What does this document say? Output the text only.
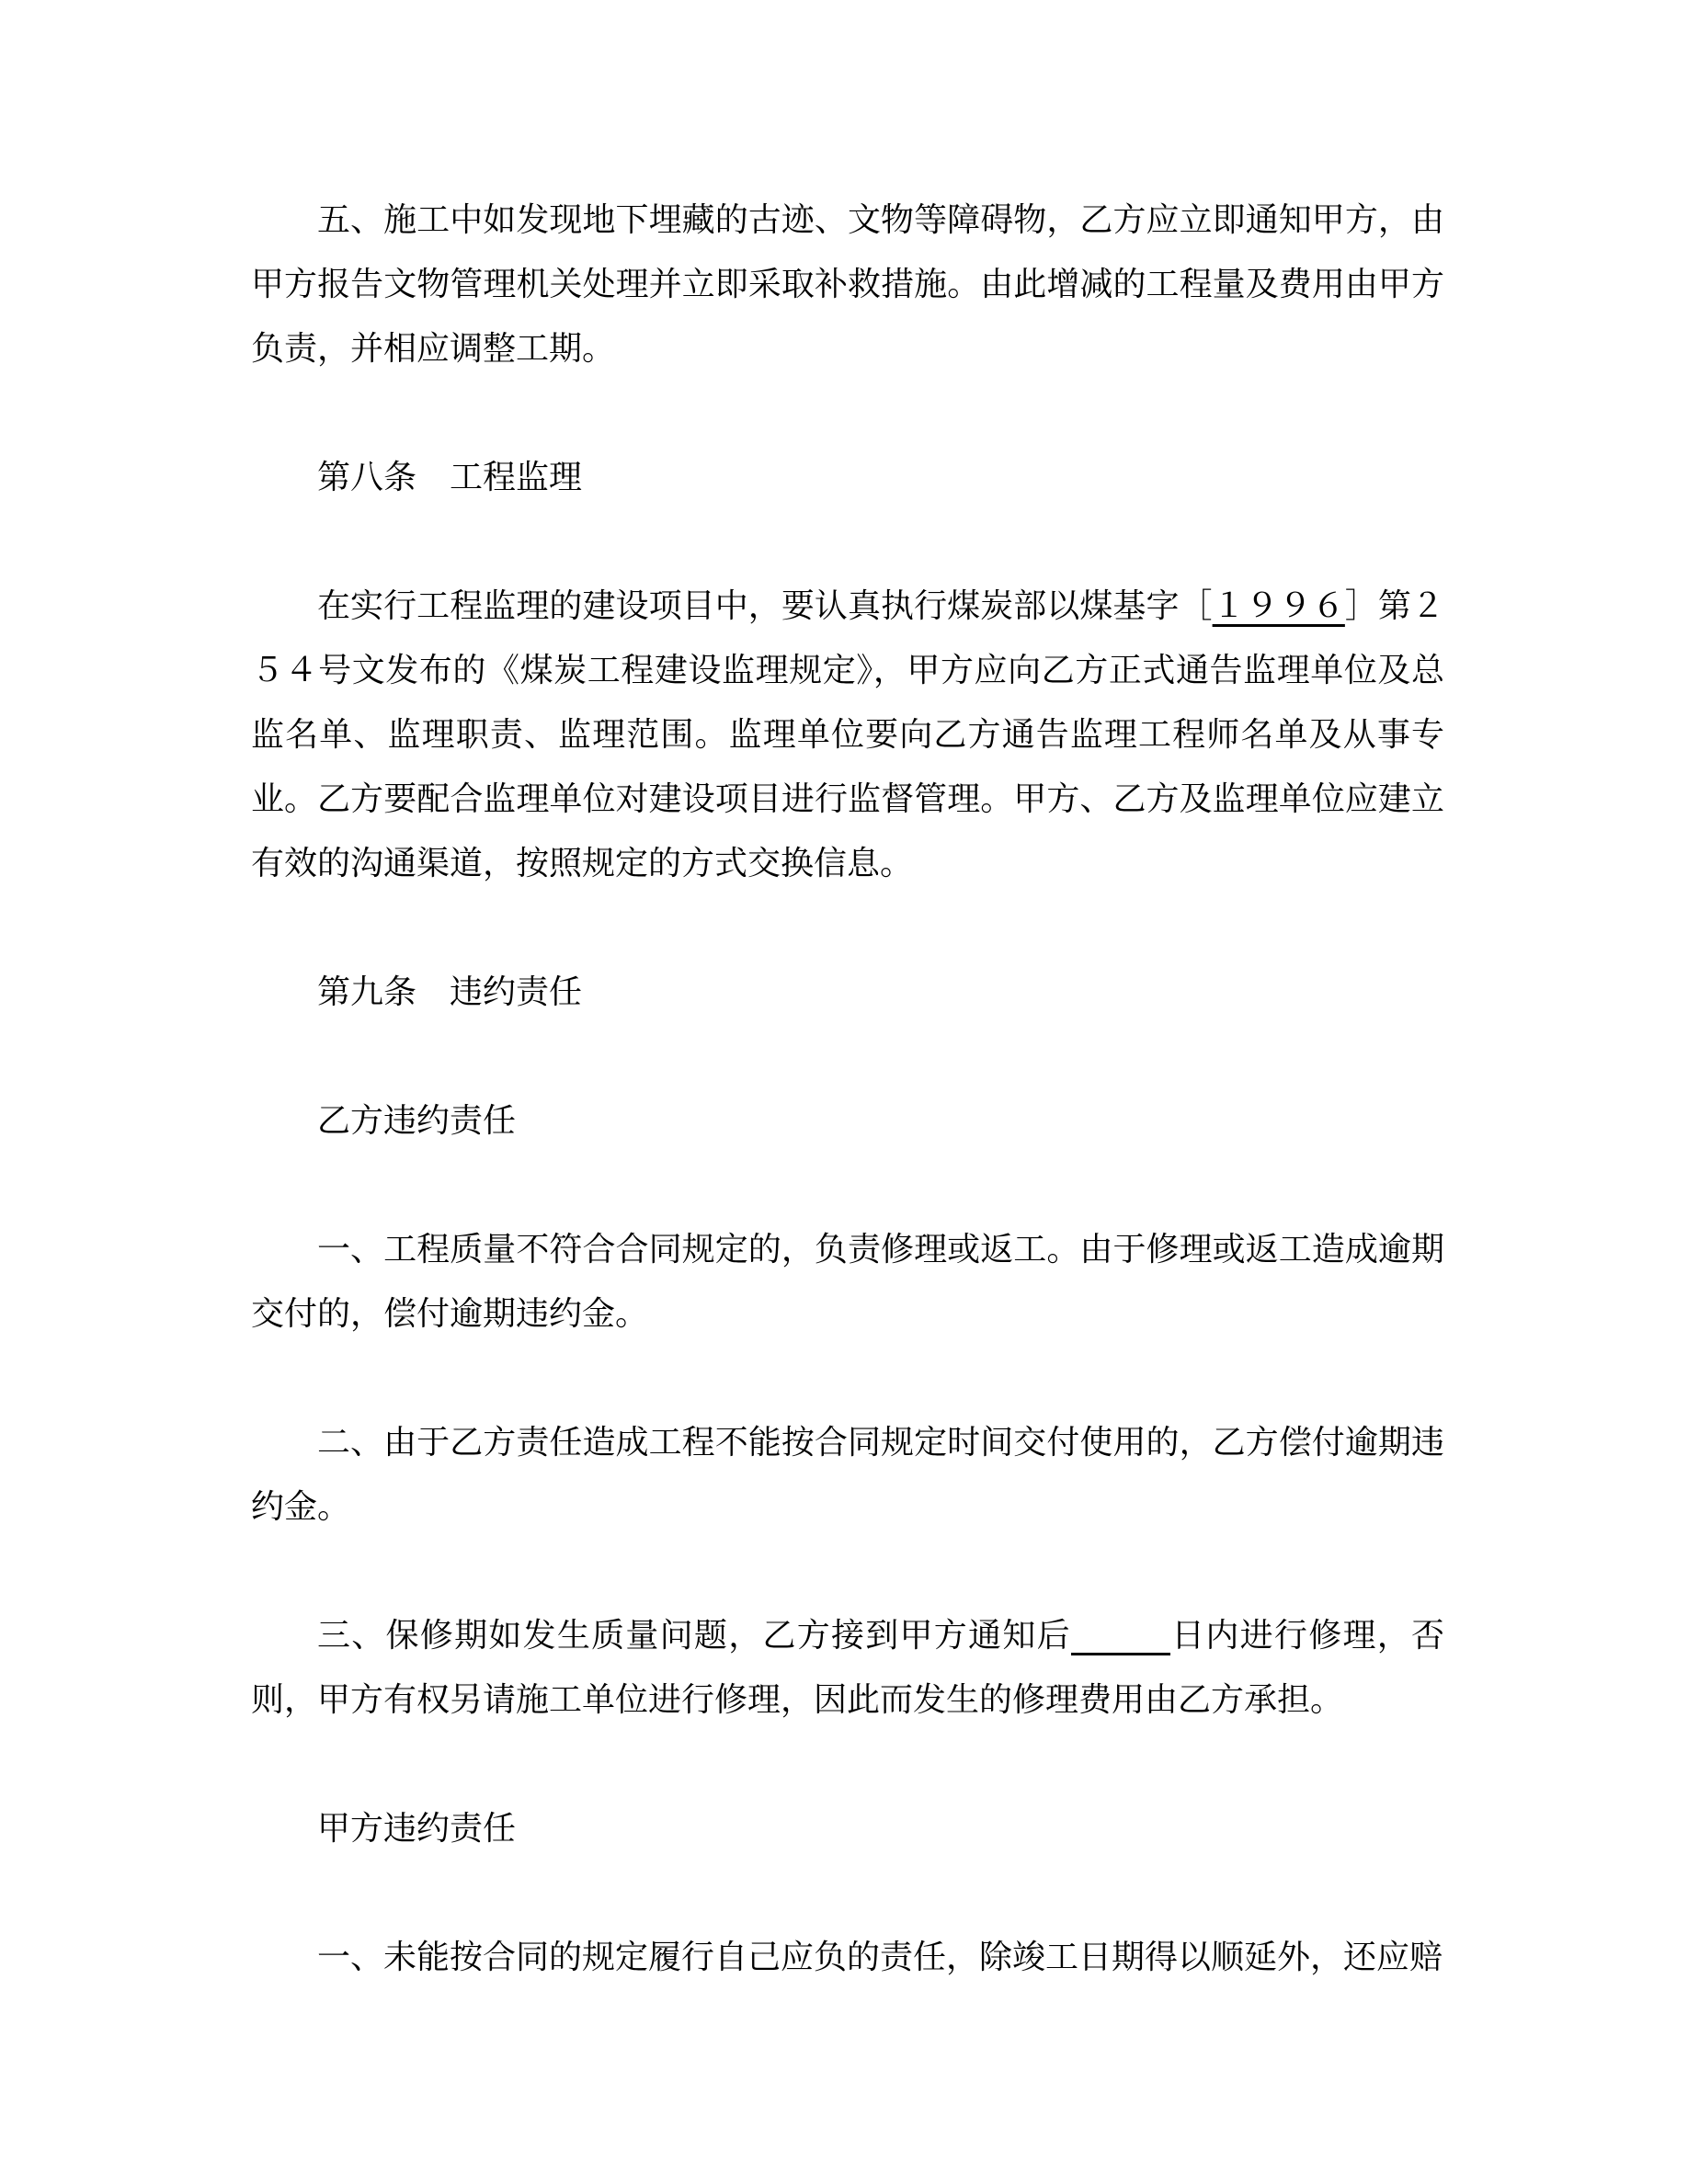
五、施工中如发现地下埋藏的古迹、文物等障碍物，乙方应立即通知甲方，由甲方报告文物管理机关处理并立即采取补救措施。由此增减的工程量及费用由甲方负责，并相应调整工期。

第八条　工程监理

在实行工程监理的建设项目中，要认真执行煤炭部以煤基字［１９９６］第２５４号文发布的《煤炭工程建设监理规定》，甲方应向乙方正式通告监理单位及总监名单、监理职责、监理范围。监理单位要向乙方通告监理工程师名单及从事专业。乙方要配合监理单位对建设项目进行监督管理。甲方、乙方及监理单位应建立有效的沟通渠道，按照规定的方式交换信息。

第九条　违约责任

乙方违约责任

一、工程质量不符合合同规定的，负责修理或返工。由于修理或返工造成逾期交付的，偿付逾期违约金。

二、由于乙方责任造成工程不能按合同规定时间交付使用的，乙方偿付逾期违约金。

三、保修期如发生质量问题，乙方接到甲方通知后	日内进行修理，否则，甲方有权另请施工单位进行修理，因此而发生的修理费用由乙方承担。

甲方违约责任

一、未能按合同的规定履行自己应负的责任，除竣工日期得以顺延外，还应赔
